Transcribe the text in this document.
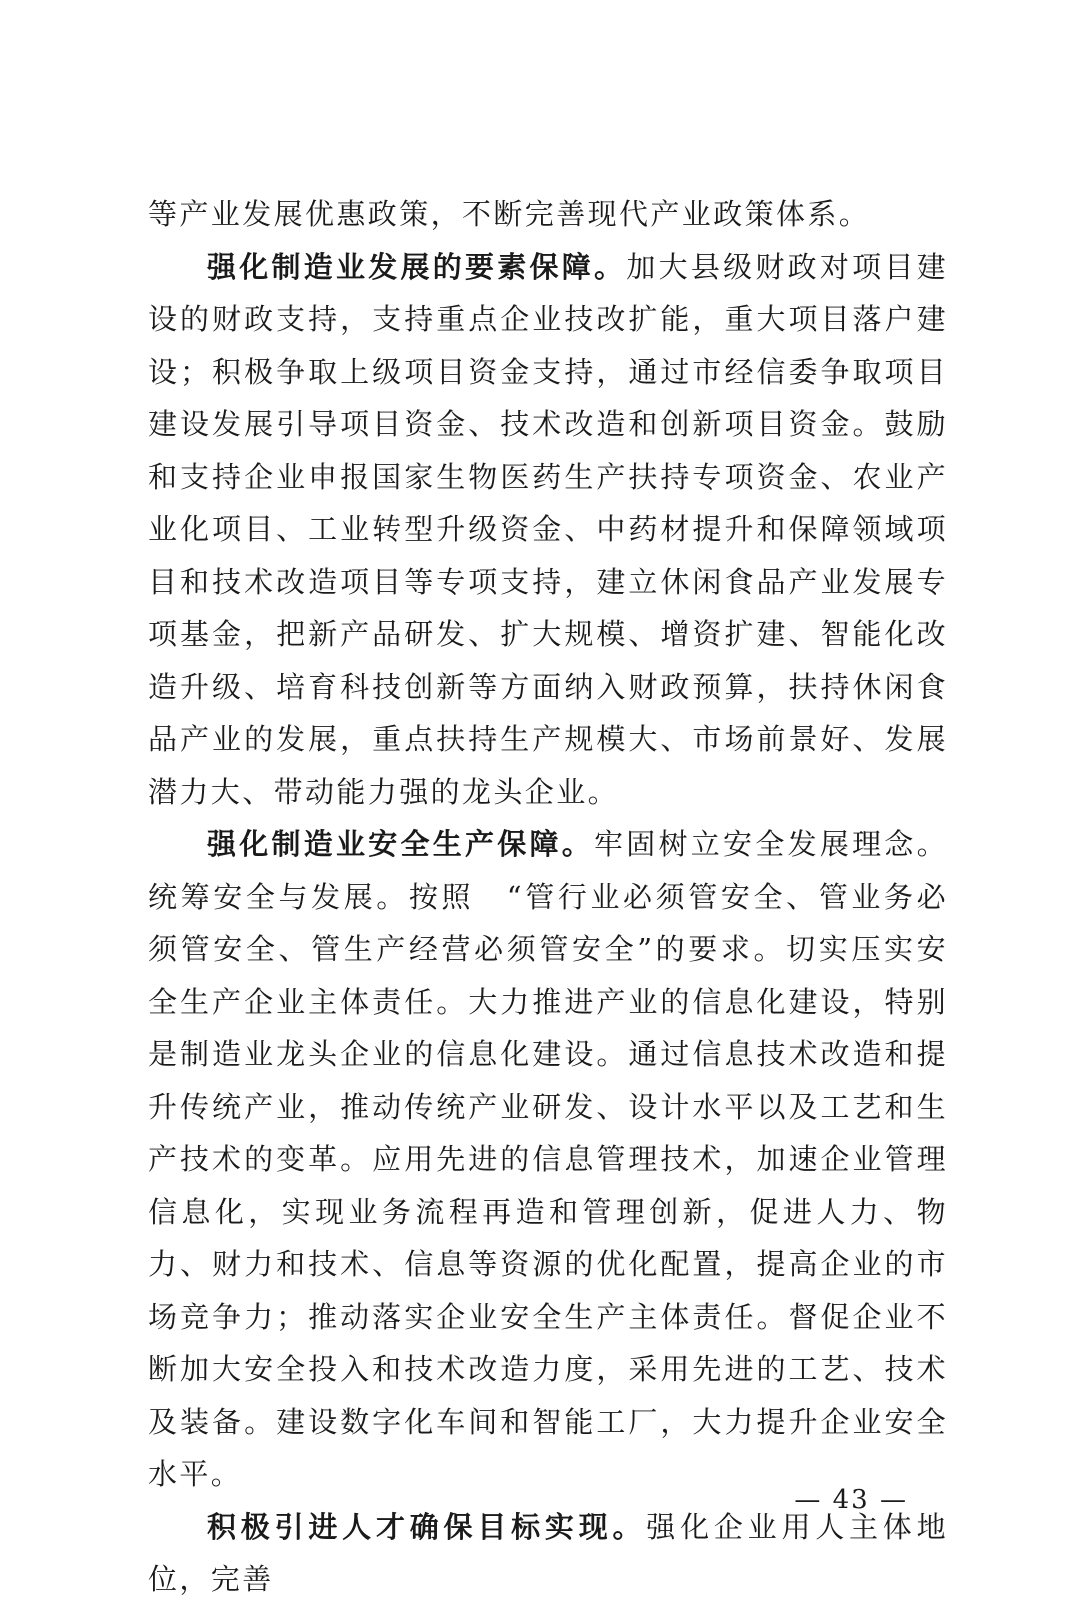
等产业发展优惠政策，不断完善现代产业政策体系。

强化制造业发展的要素保障。加大县级财政对项目建设的财政支持，支持重点企业技改扩能，重大项目落户建设；积极争取上级项目资金支持，通过市经信委争取项目建设发展引导项目资金、技术改造和创新项目资金。鼓励和支持企业申报国家生物医药生产扶持专项资金、农业产业化项目、工业转型升级资金、中药材提升和保障领域项目和技术改造项目等专项支持，建立休闲食品产业发展专项基金，把新产品研发、扩大规模、增资扩建、智能化改造升级、培育科技创新等方面纳入财政预算，扶持休闲食品产业的发展，重点扶持生产规模大、市场前景好、发展潜力大、带动能力强的龙头企业。

强化制造业安全生产保障。牢固树立安全发展理念。统筹安全与发展。按照　“管行业必须管安全、管业务必须管安全、管生产经营必须管安全”的要求。切实压实安全生产企业主体责任。大力推进产业的信息化建设，特别是制造业龙头企业的信息化建设。通过信息技术改造和提升传统产业，推动传统产业研发、设计水平以及工艺和生产技术的变革。应用先进的信息管理技术，加速企业管理信息化，实现业务流程再造和管理创新，促进人力、物力、财力和技术、信息等资源的优化配置，提高企业的市场竞争力；推动落实企业安全生产主体责任。督促企业不断加大安全投入和技术改造力度，采用先进的工艺、技术及装备。建设数字化车间和智能工厂，大力提升企业安全水平。

积极引进人才确保目标实现。强化企业用人主体地位，完善

— 43 —
